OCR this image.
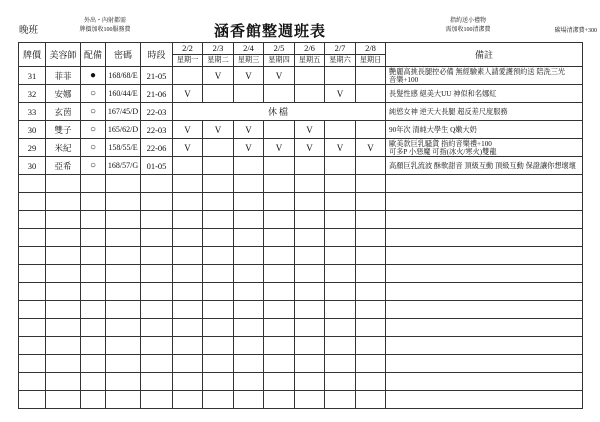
晚班
外出・內射都需
牌價加收100服務費	涵香館整週班表
指約送小禮物
需加收100清潔費	碳場清潔費+300
牌價	美容師	配備	密碼	時段	2/2	2/3	2/4	2/5	2/6	2/7	2/8	備註
					星期一	星期二	星期三	星期四	星期五	星期六	星期日	
31	菲菲	●	168/68/E	21-05		V	V	V				艷麗高挑長腿控必備 無經驗素人請愛護預約送 陪洗三光
音樂+100

32	安娜	○	160/44/E	21-06	V					V		長髮性感 絕美大UU 神似和名娜紅

33	玄茵	○	167/45/D	22-03	休檔							純慾女神 逆天大長腿 超反差尺度服務

30	雙子	○	165/62/D	22-03	V	V	V		V			90年次 清純大學生 Q嫩大奶

29	米紀	○	158/55/E	22-06	V		V	V	V	V	V	歐美款巨乳騷貨 指約音樂禮+100
可多P 小惡魔 可指(冰火/寒火)雙龍

30	亞希	○	168/57/G	01-05								高顏巨乳流波 酥軟甜音 頂級互動 頂級互動 保證讓你想壞壞
